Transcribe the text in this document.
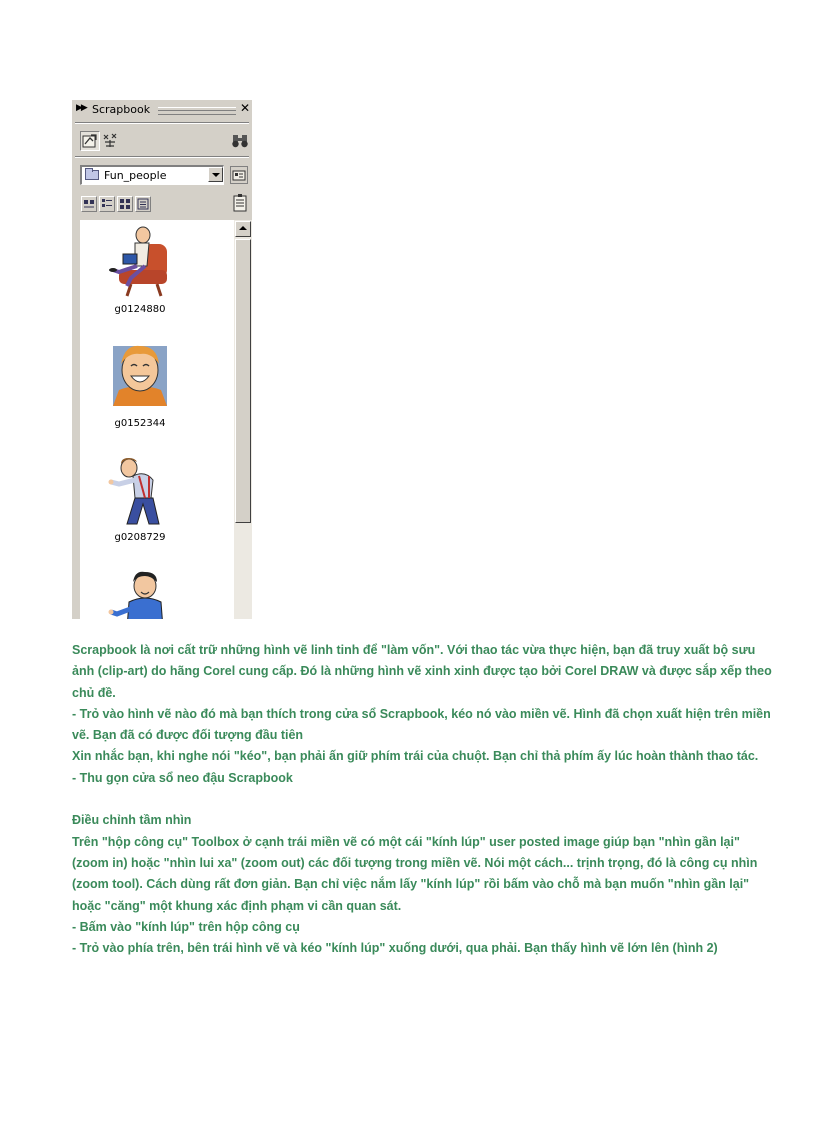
▶▶ Scrapbook	✕
Fun_people
g0124880
g0152344
g0208729

Scrapbook là nơi cất trữ những hình vẽ linh tinh để "làm vốn". Với thao tác vừa thực hiện, bạn đã truy xuất bộ sưu ảnh (clip-art) do hãng Corel cung cấp. Đó là những hình vẽ xinh xinh được tạo bởi Corel DRAW và được sắp xếp theo chủ đề.

- Trỏ vào hình vẽ nào đó mà bạn thích trong cửa sổ Scrapbook, kéo nó vào miền vẽ. Hình đã chọn xuất hiện trên miền vẽ. Bạn đã có được đối tượng đầu tiên

Xin nhắc bạn, khi nghe nói "kéo", bạn phải ấn giữ phím trái của chuột. Bạn chỉ thả phím ấy lúc hoàn thành thao tác.

- Thu gọn cửa sổ neo đậu Scrapbook

Điều chỉnh tầm nhìn

Trên "hộp công cụ" Toolbox ở cạnh trái miền vẽ có một cái "kính lúp" user posted image giúp bạn "nhìn gần lại" (zoom in) hoặc "nhìn lui xa" (zoom out) các đối tượng trong miền vẽ. Nói một cách... trịnh trọng, đó là công cụ nhìn (zoom tool). Cách dùng rất đơn giản. Bạn chỉ việc nắm lấy "kính lúp" rồi bấm vào chỗ mà bạn muốn "nhìn gần lại" hoặc "căng" một khung xác định phạm vi cần quan sát.

- Bấm vào "kính lúp" trên hộp công cụ

- Trỏ vào phía trên, bên trái hình vẽ và kéo "kính lúp" xuống dưới, qua phải. Bạn thấy hình vẽ lớn lên (hình 2)
